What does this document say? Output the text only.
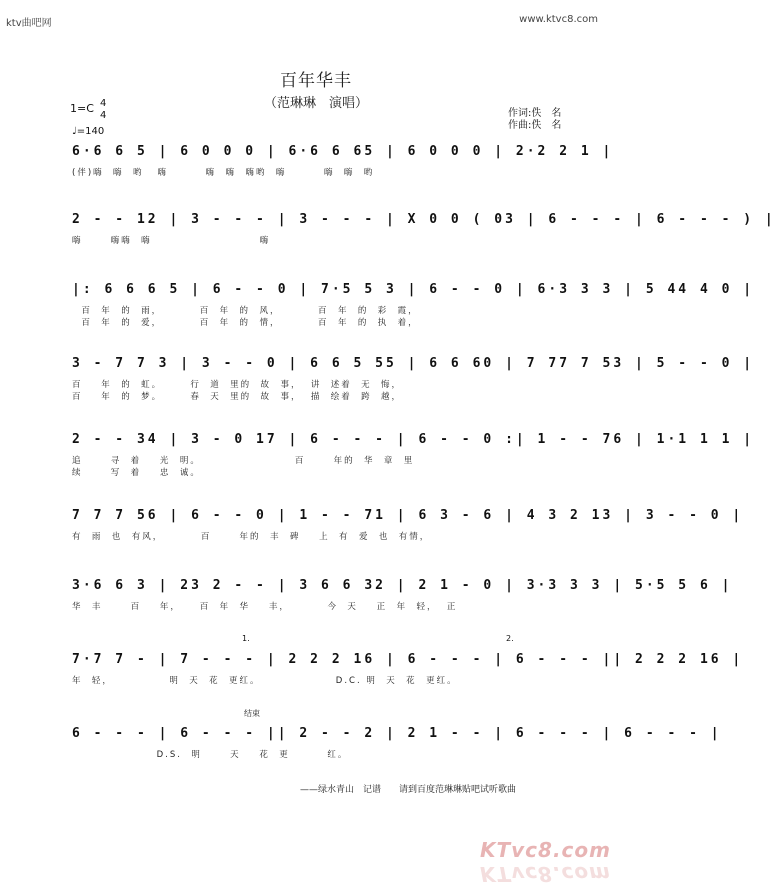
ktv曲吧网	www.ktvc8.com
百年华丰
（范琳琳　演唱）
1=C 4
4
♩=140
作词:佚　名
作曲:佚　名
6·6 6 5 | 6 0 0 0 | 6·6 6 65 | 6 0 0 0 | 2·2 2 1 |
(伴)嗨  嗨  哟   嗨        嗨  嗨  嗨哟  嗨        嗨  嗨  哟
2 - - 12 | 3 - - - | 3 - - - | X 0 0 ( 03 | 6 - - - | 6 - - - ) |
嗨      嗨嗨  嗨                       嗨
|: 6 6 6 5 | 6 - - 0 | 7·5 5 3 | 6 - - 0 | 6·3 3 3 | 5 44 4 0 |
百  年  的  雨，        百  年  的  风，        百  年  的  彩  霞，
百  年  的  爱，        百  年  的  情，        百  年  的  执  着，
3 - 7 7 3 | 3 - - 0 | 6 6 5 55 | 6 6 60 | 7 77 7 53 | 5 - - 0 |
百    年  的  虹。      行  道  里的  故  事，  讲  述着  无  悔，
百    年  的  梦。      春  天  里的  故  事，  描  绘着  跨  越，
2 - - 34 | 3 - 0 17 | 6 - - - | 6 - - 0 :| 1 - - 76 | 1·1 1 1 |
追      寻  着    光  明。                    百      年的  华  章  里
续      写  着    忠  诚。
7 7 7 56 | 6 - - 0 | 1 - - 71 | 6 3 - 6 | 4 3 2 13 | 3 - - 0 |
有  雨  也  有风，        百      年的  丰  碑    上  有  爱  也  有情，
3·6 6 3 | 23 2 - - | 3 6 6 32 | 2 1 - 0 | 3·3 3 3 | 5·5 5 6 |
华  丰      百    年，    百  年  华    丰，        今  天    正  年  轻，  正
1.	2.
7·7 7 - | 7 - - - | 2 2 2 16 | 6 - - - | 6 - - - || 2 2 2 16 |
年  轻，            明  天  花  更红。                D.C. 明  天  花  更红。
结束
6 - - - | 6 - - - || 2 - - 2 | 2 1 - - | 6 - - - | 6 - - - |
D.S.  明      天    花  更        红。
——绿水青山　记谱　　请到百度范琳琳贴吧试听歌曲
KTvc8.com
KTvc8.com
